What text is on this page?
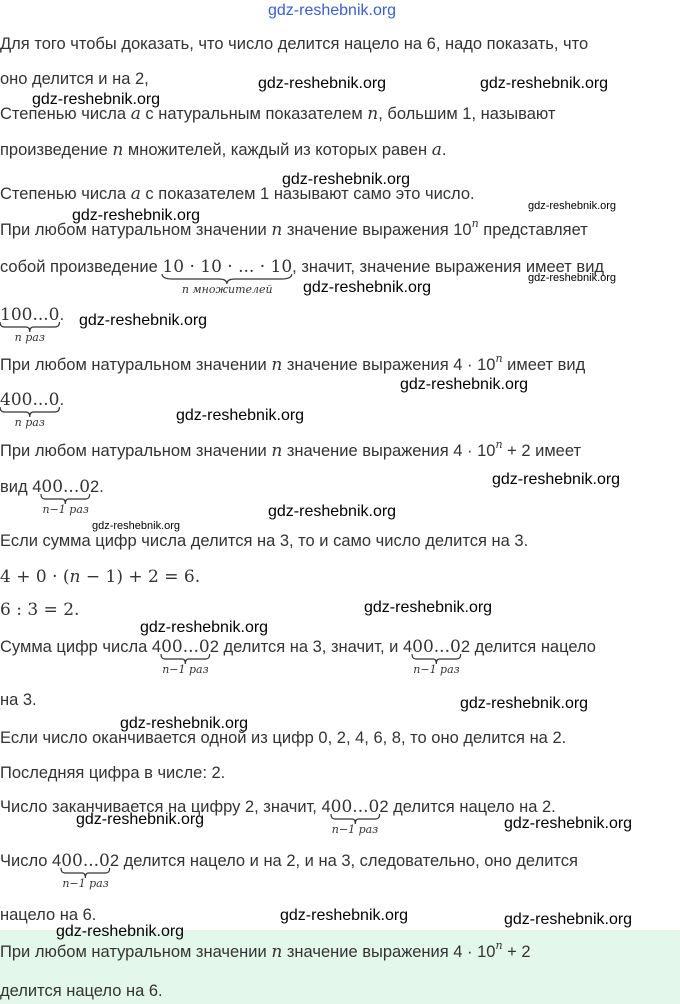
gdz-reshebnik.org
Для того чтобы доказать, что число делится нацело на 6, надо показать, что
оно делится и на 2,
Степенью числа a с натуральным показателем n, большим 1, называют
произведение n множителей, каждый из которых равен a.
Степенью числа a с показателем 1 называют само это число.
При любом натуральном значении n значение выражения 10$^n$ представляет
собой произведение 10 · 10 · ... · 10
n множителей
, значит, значение выражения имеет вид
100...0
n раз
.
При любом натуральном значении n значение выражения $4 \cdot 10^n$ имеет вид
400...0
n раз
.
При любом натуральном значении n значение выражения $4 \cdot 10^n + 2$ имеет
вид 400...0
n−1 раз
2.
Если сумма цифр числа делится на 3, то и само число делится на 3.
4 + 0 · (n − 1) + 2 = 6.
6 : 3 = 2.
Сумма цифр числа 400...0
n−1 раз
2 делится на 3, значит, и 400...0
n−1 раз
2 делится нацело
на 3.
Если число оканчивается одной из цифр 0, 2, 4, 6, 8, то оно делится на 2.
Последняя цифра в числе: 2.
Число заканчивается на цифру 2, значит, 400...0
n−1 раз
2 делится нацело на 2.
Число 400...0
n−1 раз
2 делится нацело и на 2, и на 3, следовательно, оно делится
нацело на 6.
При любом натуральном значении n значение выражения $4 \cdot 10^n + 2$
делится нацело на 6.
gdz-reshebnik.org	gdz-reshebnik.org
gdz-reshebnik.org
gdz-reshebnik.org
gdz-reshebnik.org
gdz-reshebnik.org
gdz-reshebnik.org
gdz-reshebnik.org
gdz-reshebnik.org
gdz-reshebnik.org
gdz-reshebnik.org
gdz-reshebnik.org
gdz-reshebnik.org
gdz-reshebnik.org
gdz-reshebnik.org
gdz-reshebnik.org
gdz-reshebnik.org
gdz-reshebnik.org
gdz-reshebnik.org	gdz-reshebnik.org
gdz-reshebnik.org	gdz-reshebnik.org
gdz-reshebnik.org
